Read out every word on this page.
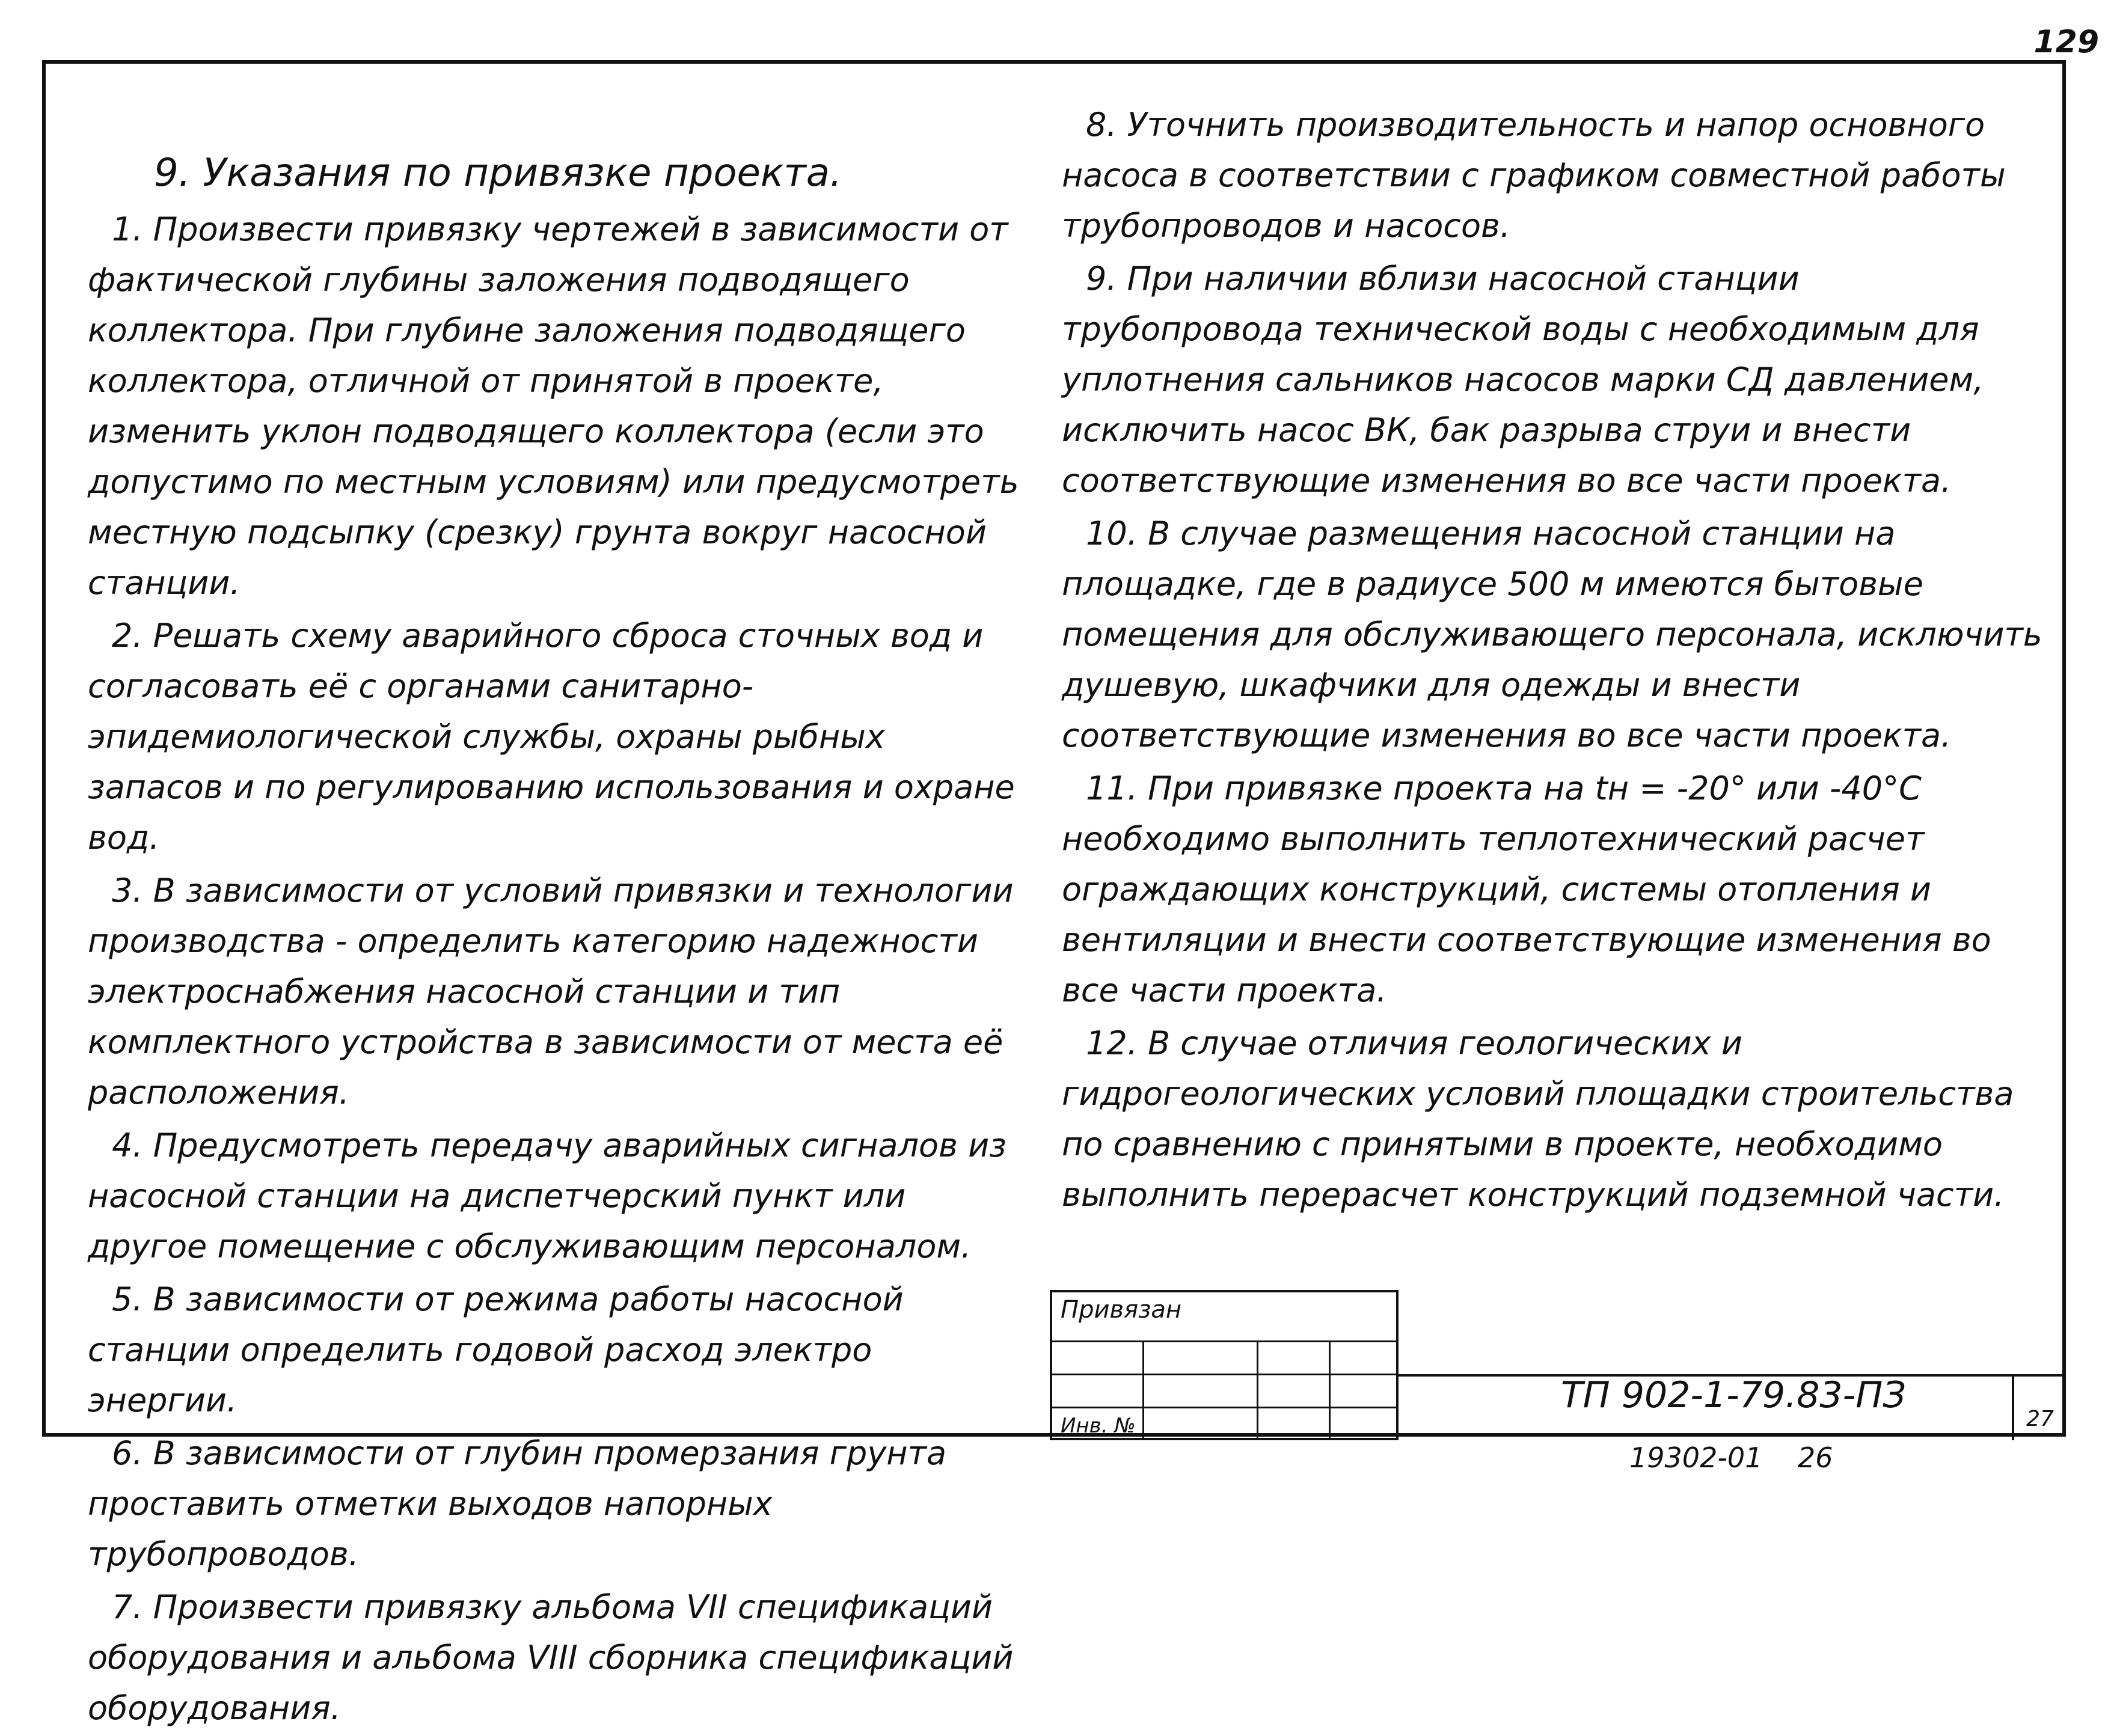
129
9. Указания по привязке проекта.
1. Произвести привязку чертежей в зависимости от фактической глубины заложения подводящего коллектора. При глубине заложения подводящего коллектора, отличной от принятой в проекте, изменить уклон подводящего коллектора (если это допустимо по местным условиям) или предусмотреть местную подсыпку (срезку) грунта вокруг насосной станции.
2. Решать схему аварийного сброса сточных вод и согласовать её с органами санитарно-эпидемиологической службы, охраны рыбных запасов и по регулированию использования и охране вод.
3. В зависимости от условий привязки и технологии производства - определить категорию надежности электроснабжения насосной станции и тип комплектного устройства в зависимости от места её расположения.
4. Предусмотреть передачу аварийных сигналов из насосной станции на диспетчерский пункт или другое помещение с обслуживающим персоналом.
5. В зависимости от режима работы насосной станции определить годовой расход электро энергии.
6. В зависимости от глубин промерзания грунта проставить отметки выходов напорных трубопроводов.
7. Произвести привязку альбома VII спецификаций оборудования и альбома VIII сборника спецификаций оборудования.
8. Уточнить производительность и напор основного насоса в соответствии с графиком совместной работы трубопроводов и насосов.
9. При наличии вблизи насосной станции трубопровода технической воды с необходимым для уплотнения сальников насосов марки СД давлением, исключить насос ВК, бак разрыва струи и внести соответствующие изменения во все части проекта.
10. В случае размещения насосной станции на площадке, где в радиусе 500 м имеются бытовые помещения для обслуживающего персонала, исключить душевую, шкафчики для одежды и внести соответствующие изменения во все части проекта.
11. При привязке проекта на tн = -20° или -40°С необходимо выполнить теплотехнический расчет ограждающих конструкций, системы отопления и вентиляции и внести соответствующие изменения во все части проекта.
12. В случае отличия геологических и гидрогеологических условий площадки строительства по сравнению с принятыми в проекте, необходимо выполнить перерасчет конструкций подземной части.
Привязан
Инв. №
ТП 902-1-79.83-ПЗ
27
19302-01 26
